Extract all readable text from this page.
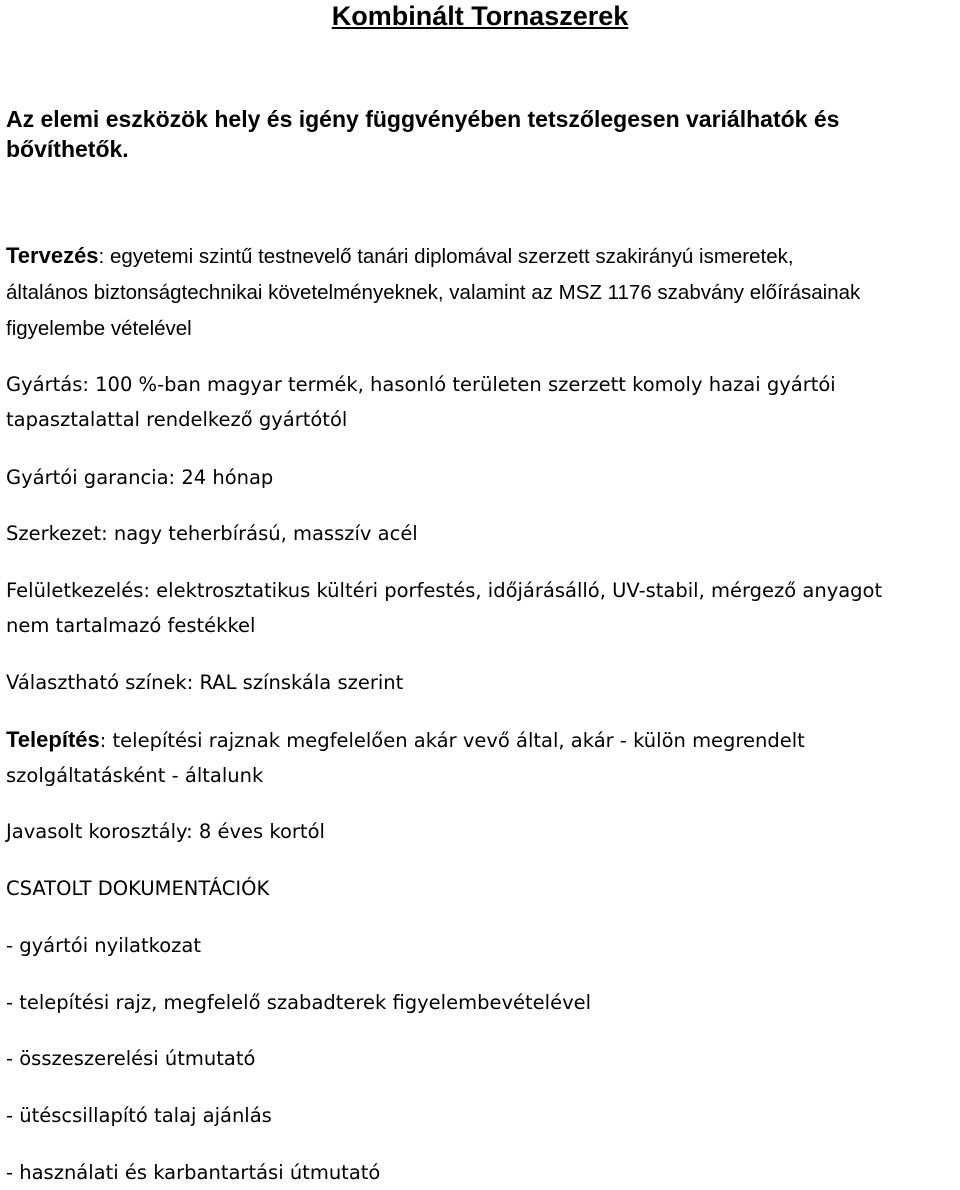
Kombinált Tornaszerek
Az elemi eszközök hely és igény függvényében tetszőlegesen variálhatók és bővíthetők.
Tervezés: egyetemi szintű testnevelő tanári diplomával szerzett szakirányú ismeretek,
általános biztonságtechnikai követelményeknek, valamint az MSZ 1176 szabvány előírásainak
figyelembe vételével
Gyártás: 100 %-ban magyar termék, hasonló területen szerzett komoly hazai gyártói
tapasztalattal rendelkező gyártótól
Gyártói garancia: 24 hónap
Szerkezet: nagy teherbírású, masszív acél
Felületkezelés: elektrosztatikus kültéri porfestés, időjárásálló, UV-stabil, mérgező anyagot
nem tartalmazó festékkel
Választható színek: RAL színskála szerint
Telepítés: telepítési rajznak megfelelően akár vevő által, akár - külön megrendelt
szolgáltatásként - általunk
Javasolt korosztály: 8 éves kortól
CSATOLT DOKUMENTÁCIÓK
- gyártói nyilatkozat
- telepítési rajz, megfelelő szabadterek figyelembevételével
- összeszerelési útmutató
- ütéscsillapító talaj ajánlás
- használati és karbantartási útmutató
